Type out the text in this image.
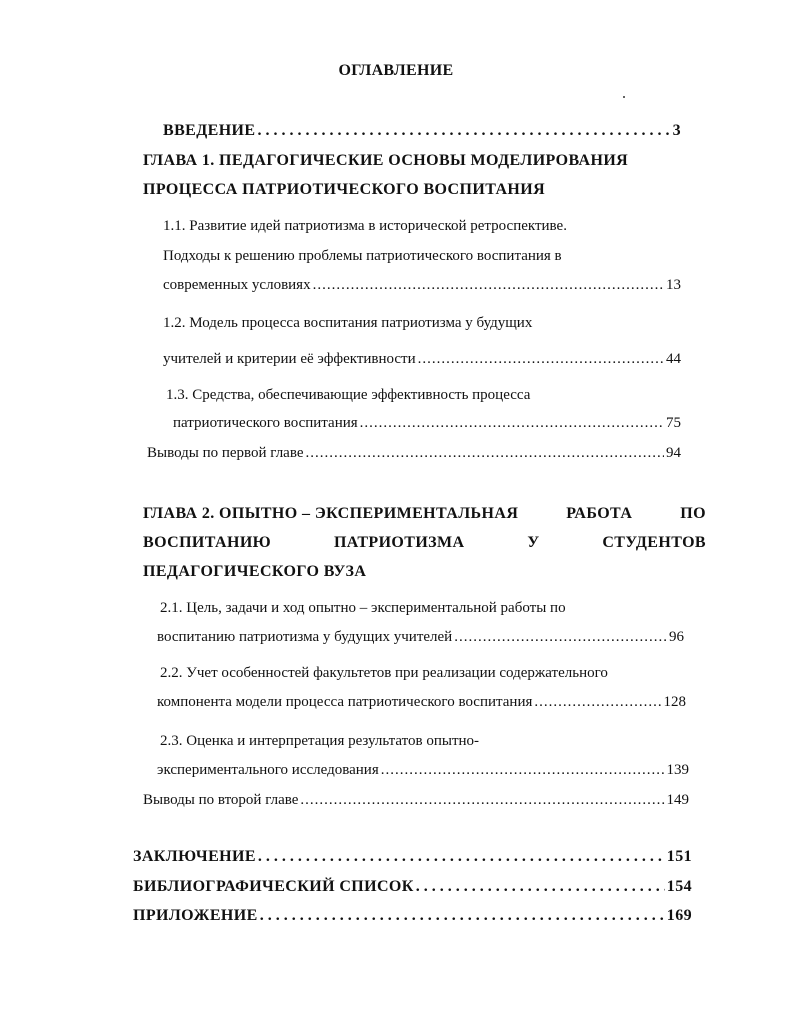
ОГЛАВЛЕНИЕ
ВВЕДЕНИЕ . . .	3
ГЛАВА 1. ПЕДАГОГИЧЕСКИЕ ОСНОВЫ МОДЕЛИРОВАНИЯ
ПРОЦЕССА ПАТРИОТИЧЕСКОГО ВОСПИТАНИЯ
1.1. Развитие идей патриотизма в исторической ретроспективе.
Подходы к решению проблемы патриотического воспитания в
современных условиях .....	13
1.2. Модель процесса воспитания патриотизма у будущих
учителей и критерии её эффективности .....	44
1.3. Средства, обеспечивающие эффективность процесса
патриотического воспитания .....	75
Выводы по первой главе .....	94
ГЛАВА 2. ОПЫТНО – ЭКСПЕРИМЕНТАЛЬНАЯ	РАБОТА	ПО
ВОСПИТАНИЮ	ПАТРИОТИЗМА	У	СТУДЕНТОВ
ПЕДАГОГИЧЕСКОГО ВУЗА
2.1. Цель, задачи и ход опытно – экспериментальной работы по
воспитанию патриотизма у будущих учителей .....	96
2.2. Учет особенностей факультетов при реализации содержательного
компонента модели процесса патриотического воспитания .....	128
2.3. Оценка и интерпретация результатов опытно-
экспериментального исследования .....	139
Выводы по второй главе .....	149
ЗАКЛЮЧЕНИЕ . . .	151
БИБЛИОГРАФИЧЕСКИЙ СПИСОК . . .	154
ПРИЛОЖЕНИЕ . . .	169
